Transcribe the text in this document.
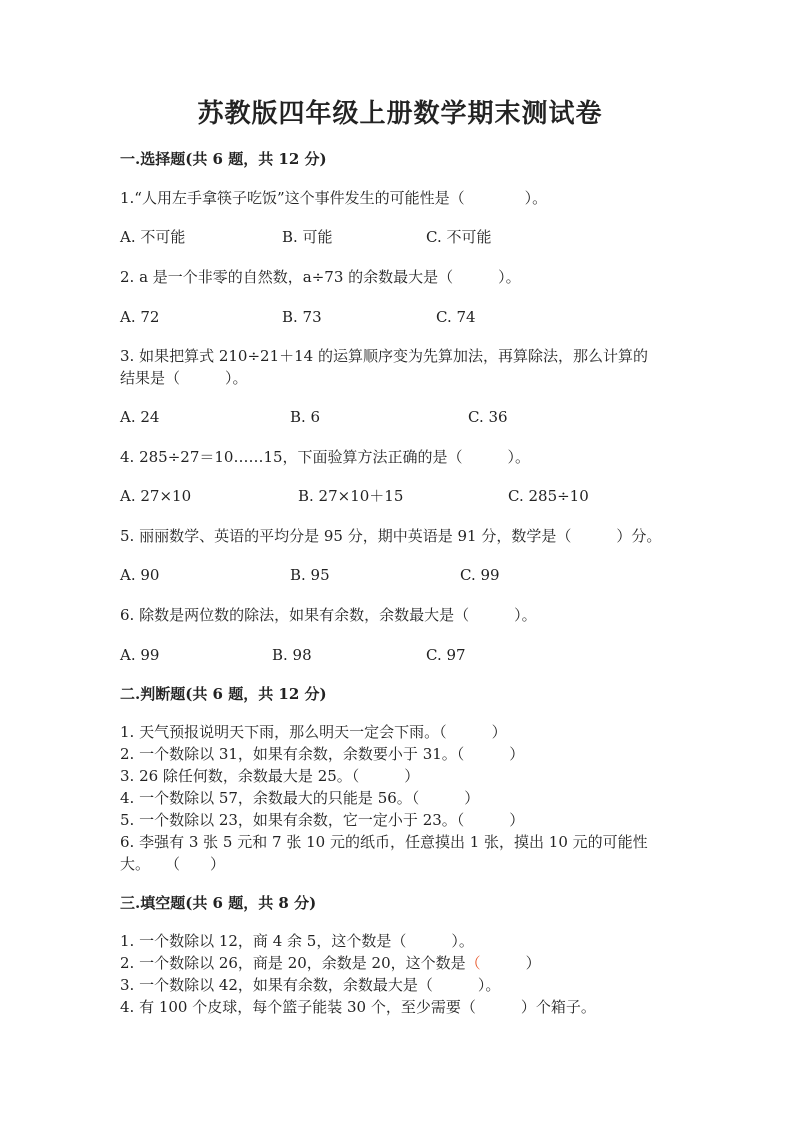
苏教版四年级上册数学期末测试卷
一.选择题(共 6 题，共 12 分)
1.“人用左手拿筷子吃饭”这个事件发生的可能性是（　　　　）。
A. 不可能	B. 可能	C. 不可能
2. a 是一个非零的自然数，a÷73 的余数最大是（　　　）。
A. 72	B. 73	C. 74
3. 如果把算式 210÷21＋14 的运算顺序变为先算加法，再算除法，那么计算的
结果是（　　　）。
A. 24	B. 6	C. 36
4. 285÷27＝10……15，下面验算方法正确的是（　　　）。
A. 27×10	B. 27×10＋15	C. 285÷10
5. 丽丽数学、英语的平均分是 95 分，期中英语是 91 分，数学是（　　　）分。
A. 90	B. 95	C. 99
6. 除数是两位数的除法，如果有余数，余数最大是（　　　）。
A. 99	B. 98	C. 97
二.判断题(共 6 题，共 12 分)
1. 天气预报说明天下雨，那么明天一定会下雨。（　　　）
2. 一个数除以 31，如果有余数，余数要小于 31。（　　　）
3. 26 除任何数，余数最大是 25。（　　　）
4. 一个数除以 57，余数最大的只能是 56。（　　　）
5. 一个数除以 23，如果有余数，它一定小于 23。（　　　）
6. 李强有 3 张 5 元和 7 张 10 元的纸币，任意摸出 1 张，摸出 10 元的可能性
大。　　（　　）
三.填空题(共 6 题，共 8 分)
1. 一个数除以 12，商 4 余 5，这个数是（　　　）。
2. 一个数除以 26，商是 20，余数是 20，这个数是（　　　）
3. 一个数除以 42，如果有余数，余数最大是（　　　）。
4. 有 100 个皮球，每个篮子能装 30 个，至少需要（　　　）个箱子。
